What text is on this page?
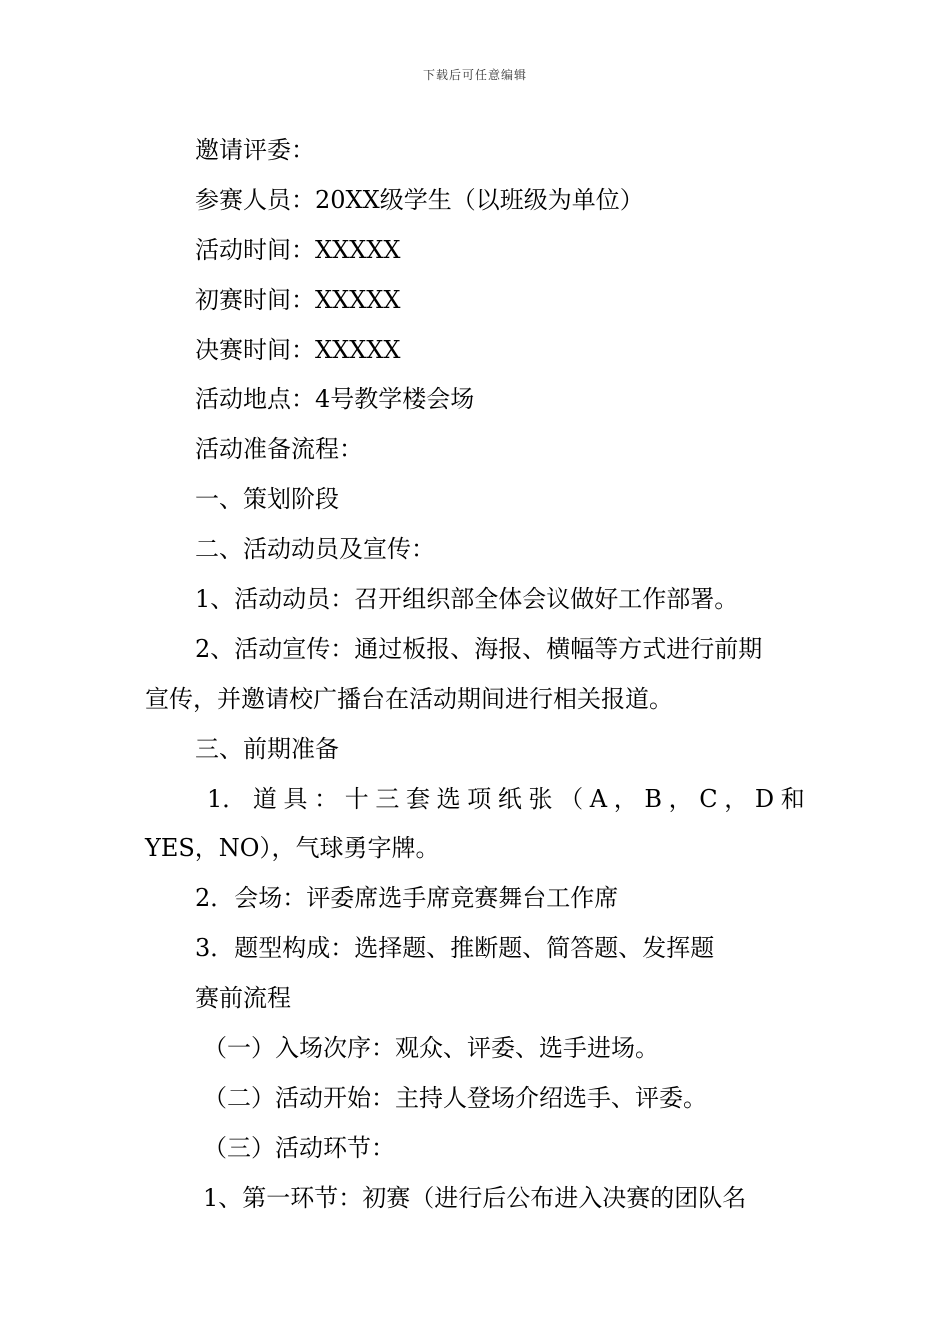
下载后可任意编辑
邀请评委：
参赛人员：20XX级学生（以班级为单位）
活动时间：XXXXX
初赛时间：XXXXX
决赛时间：XXXXX
活动地点：4号教学楼会场
活动准备流程：
一、策划阶段
二、活动动员及宣传：
1、活动动员：召开组织部全体会议做好工作部署。
2、活动宣传：通过板报、海报、横幅等方式进行前期
宣传，并邀请校广播台在活动期间进行相关报道。
三、前期准备
1． 道 具 ： 十 三 套 选 项 纸 张 （ A ， B ， C ， D 和
YES，NO），气球勇字牌。
2．会场：评委席选手席竞赛舞台工作席
3．题型构成：选择题、推断题、简答题、发挥题
赛前流程
（一）入场次序：观众、评委、选手进场。
（二）活动开始：主持人登场介绍选手、评委。
（三）活动环节：
1、第一环节：初赛（进行后公布进入决赛的团队名
